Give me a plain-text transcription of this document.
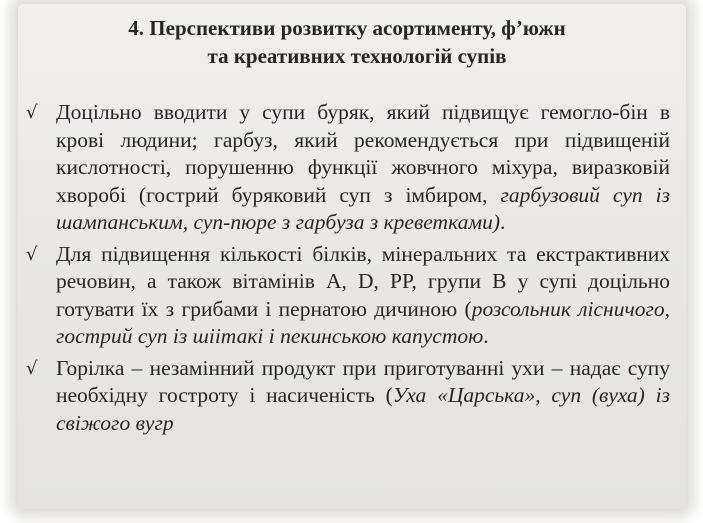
4. Перспективи розвитку асортименту, ф’южн
та креативних технологій супів
√ Доцільно вводити у супи буряк, який підвищує гемогло-бін в крові людини; гарбуз, який рекомендується при підвищеній кислотності, порушенню функції жовчного міхура, виразковій хворобі (гострий буряковий суп з імбиром, гарбузовий суп із шампанським, суп-пюре з гарбуза з креветками).

√ Для підвищення кількості білків, мінеральних та екстрактивних речовин, а також вітамінів А, D, PP, групи В у супі доцільно готувати їх з грибами і пернатою дичиною (розсольник лісничого, гострий суп із шіітакі і пекинською капустою.

√ Горілка – незамінний продукт при приготуванні ухи – надає супу необхідну гостроту і насиченість (Уха «Царська», суп (вуха) із свіжого вугр
